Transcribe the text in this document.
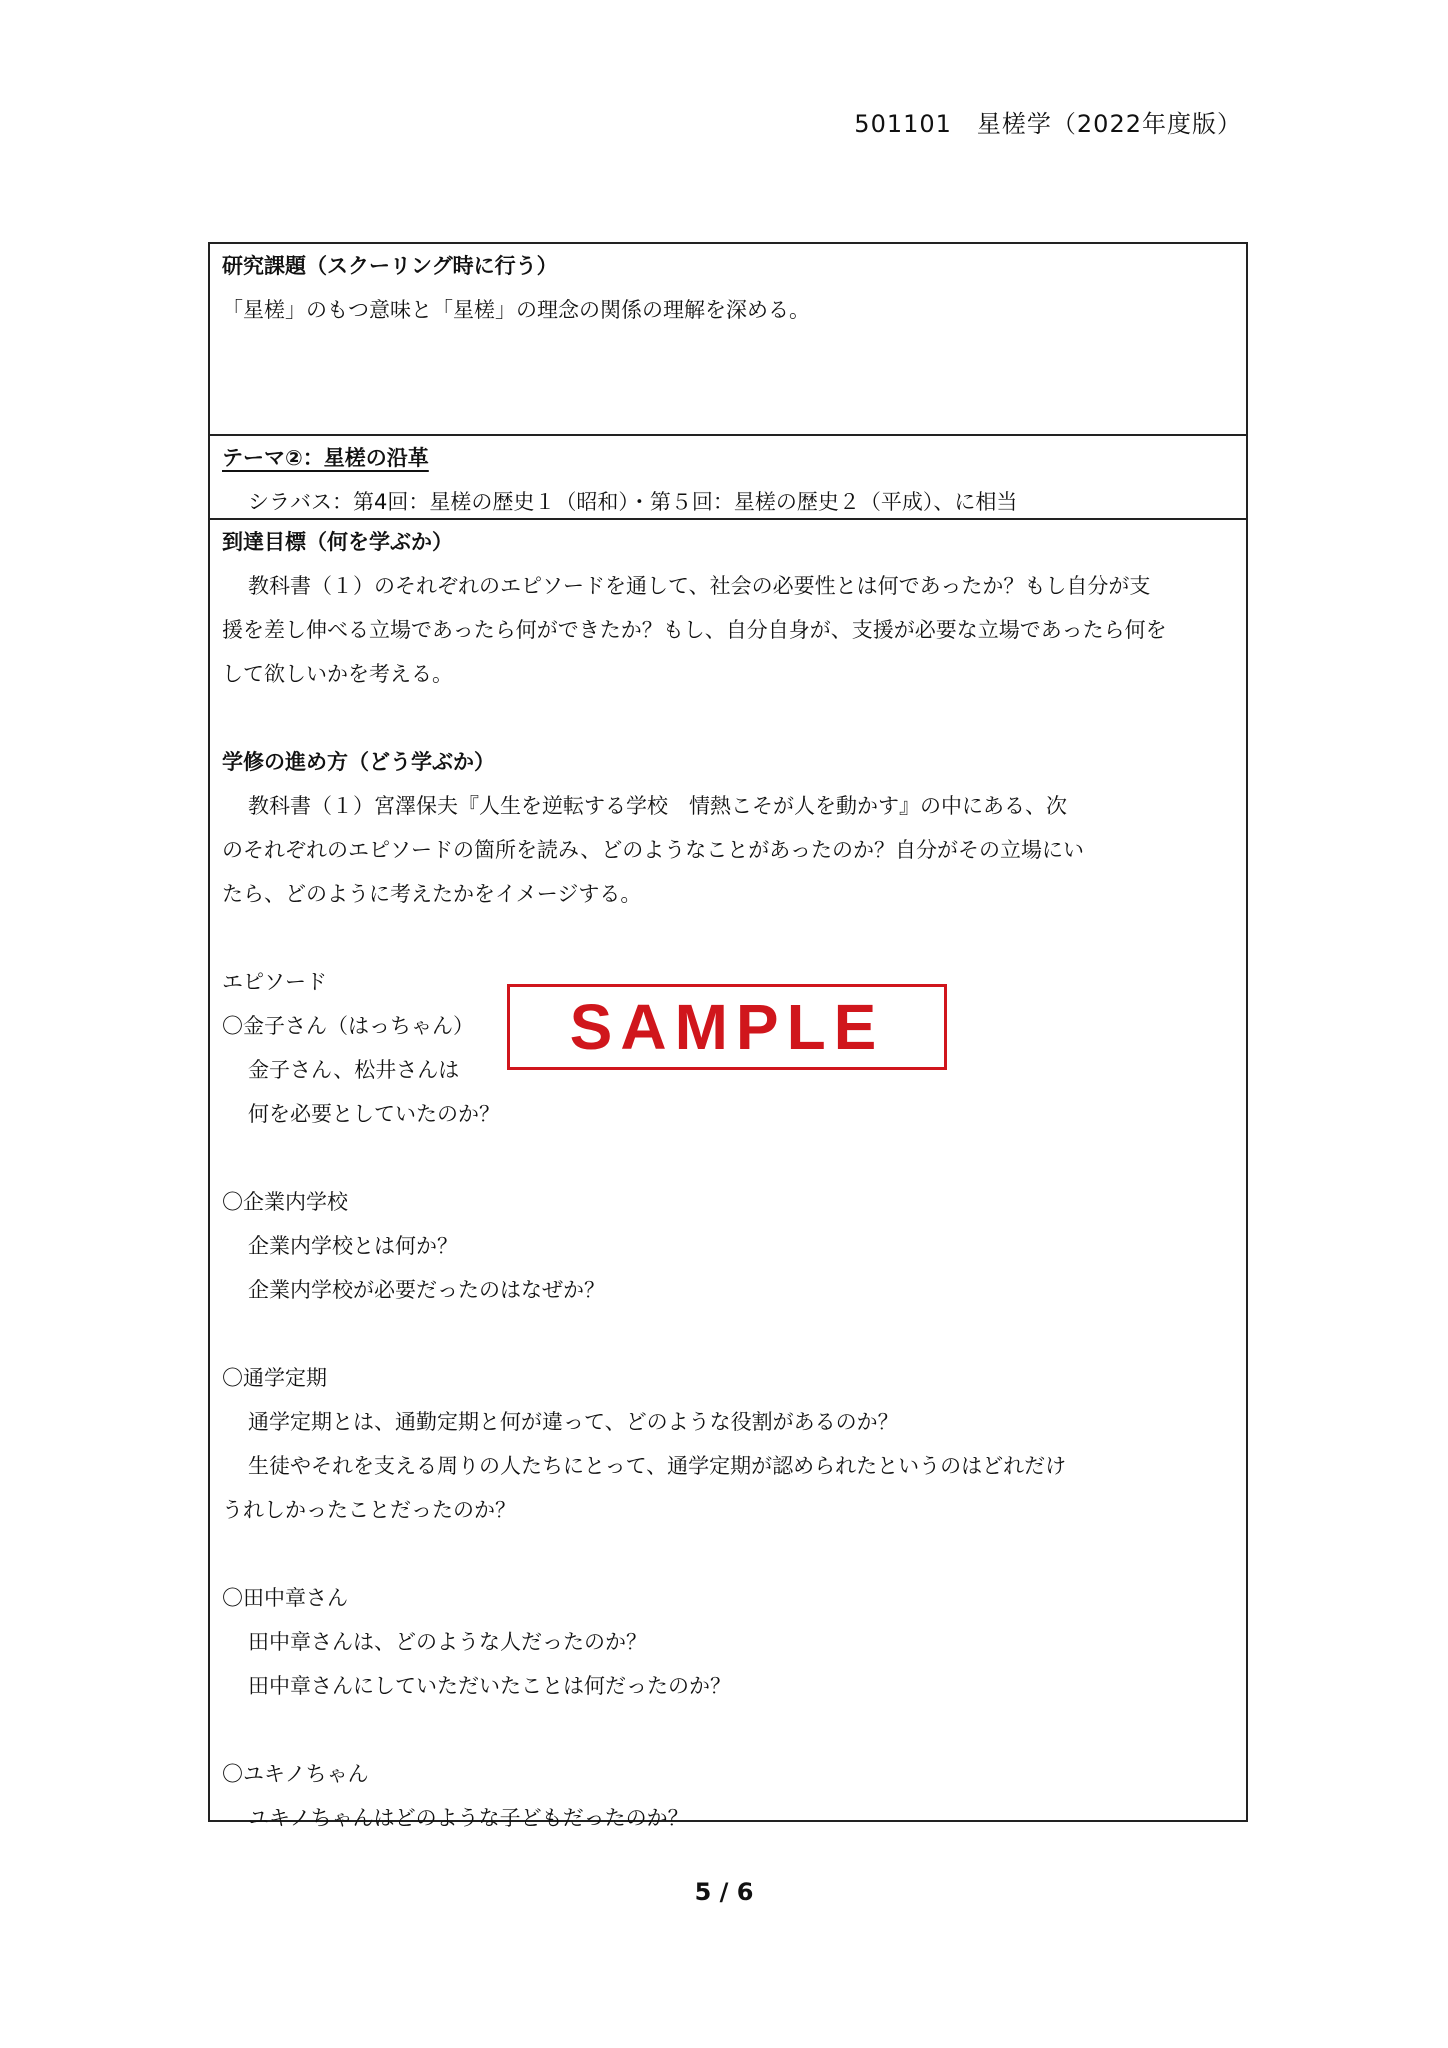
501101　星槎学（2022年度版）
研究課題（スクーリング時に行う）
「星槎」のもつ意味と「星槎」の理念の関係の理解を深める。
テーマ②：星槎の沿革
シラバス：第4回：星槎の歴史１（昭和）・第５回：星槎の歴史２（平成）、に相当
到達目標（何を学ぶか）
教科書（１）のそれぞれのエピソードを通して、社会の必要性とは何であったか？もし自分が支
援を差し伸べる立場であったら何ができたか？もし、自分自身が、支援が必要な立場であったら何を
して欲しいかを考える。
学修の進め方（どう学ぶか）
教科書（１）宮澤保夫『人生を逆転する学校　情熱こそが人を動かす』の中にある、次
のそれぞれのエピソードの箇所を読み、どのようなことがあったのか？自分がその立場にい
たら、どのように考えたかをイメージする。
エピソード
〇金子さん（はっちゃん）
金子さん、松井さんは
何を必要としていたのか？
〇企業内学校
企業内学校とは何か？
企業内学校が必要だったのはなぜか？
〇通学定期
通学定期とは、通勤定期と何が違って、どのような役割があるのか？
生徒やそれを支える周りの人たちにとって、通学定期が認められたというのはどれだけ
うれしかったことだったのか？
〇田中章さん
田中章さんは、どのような人だったのか？
田中章さんにしていただいたことは何だったのか？
〇ユキノちゃん
ユキノちゃんはどのような子どもだったのか？
SAMPLE
5 / 6
